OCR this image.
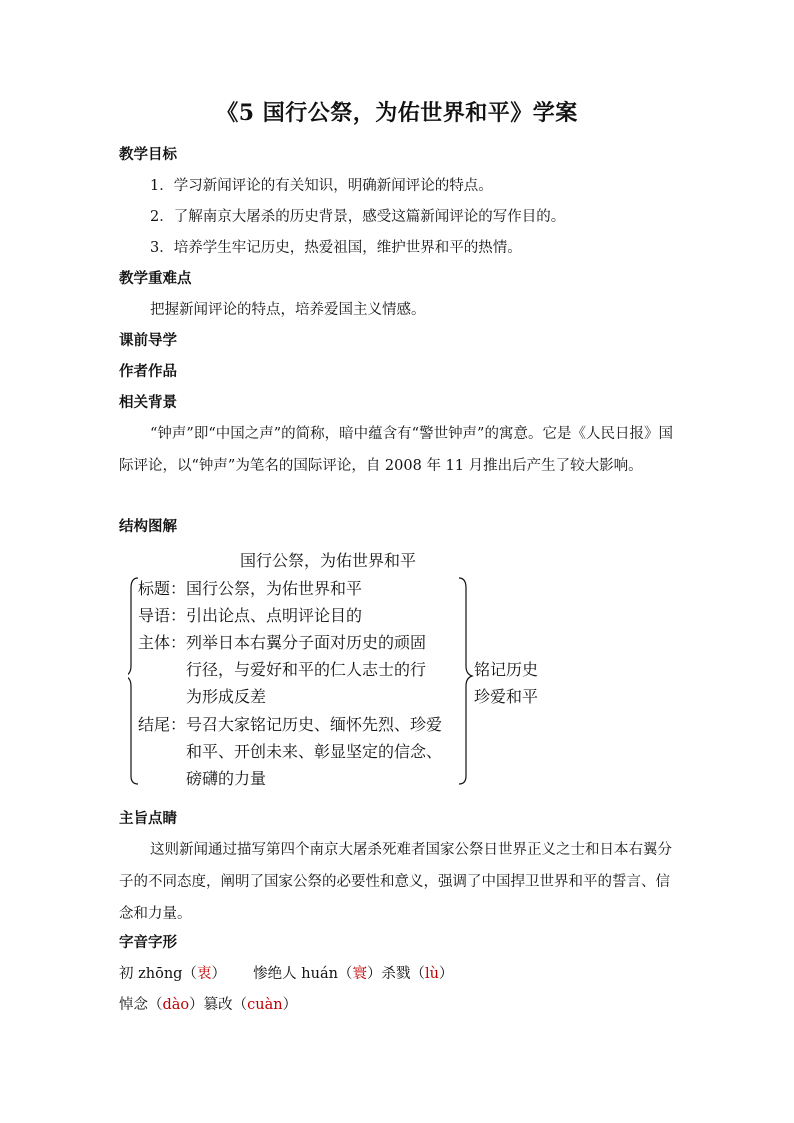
《5 国行公祭，为佑世界和平》学案
教学目标
1．学习新闻评论的有关知识，明确新闻评论的特点。
2．了解南京大屠杀的历史背景，感受这篇新闻评论的写作目的。
3．培养学生牢记历史，热爱祖国，维护世界和平的热情。
教学重难点
把握新闻评论的特点，培养爱国主义情感。
课前导学
作者作品
相关背景
“钟声”即“中国之声”的简称，暗中蕴含有“警世钟声”的寓意。它是《人民日报》国际评论，以“钟声”为笔名的国际评论，自 2008 年 11 月推出后产生了较大影响。
结构图解
国行公祭，为佑世界和平
标题：国行公祭，为佑世界和平
导语：引出论点、点明评论目的
主体：列举日本右翼分子面对历史的顽固
行径，与爱好和平的仁人志士的行
为形成反差
结尾：号召大家铭记历史、缅怀先烈、珍爱
和平、开创未来、彰显坚定的信念、
磅礴的力量
铭记历史
珍爱和平
主旨点睛
这则新闻通过描写第四个南京大屠杀死难者国家公祭日世界正义之士和日本右翼分子的不同态度，阐明了国家公祭的必要性和意义，强调了中国捍卫世界和平的誓言、信念和力量。
字音字形
初 zhōng（衷） 惨绝人 huán（寰）杀戮（lù）
悼念（dào）篡改（cuàn）
